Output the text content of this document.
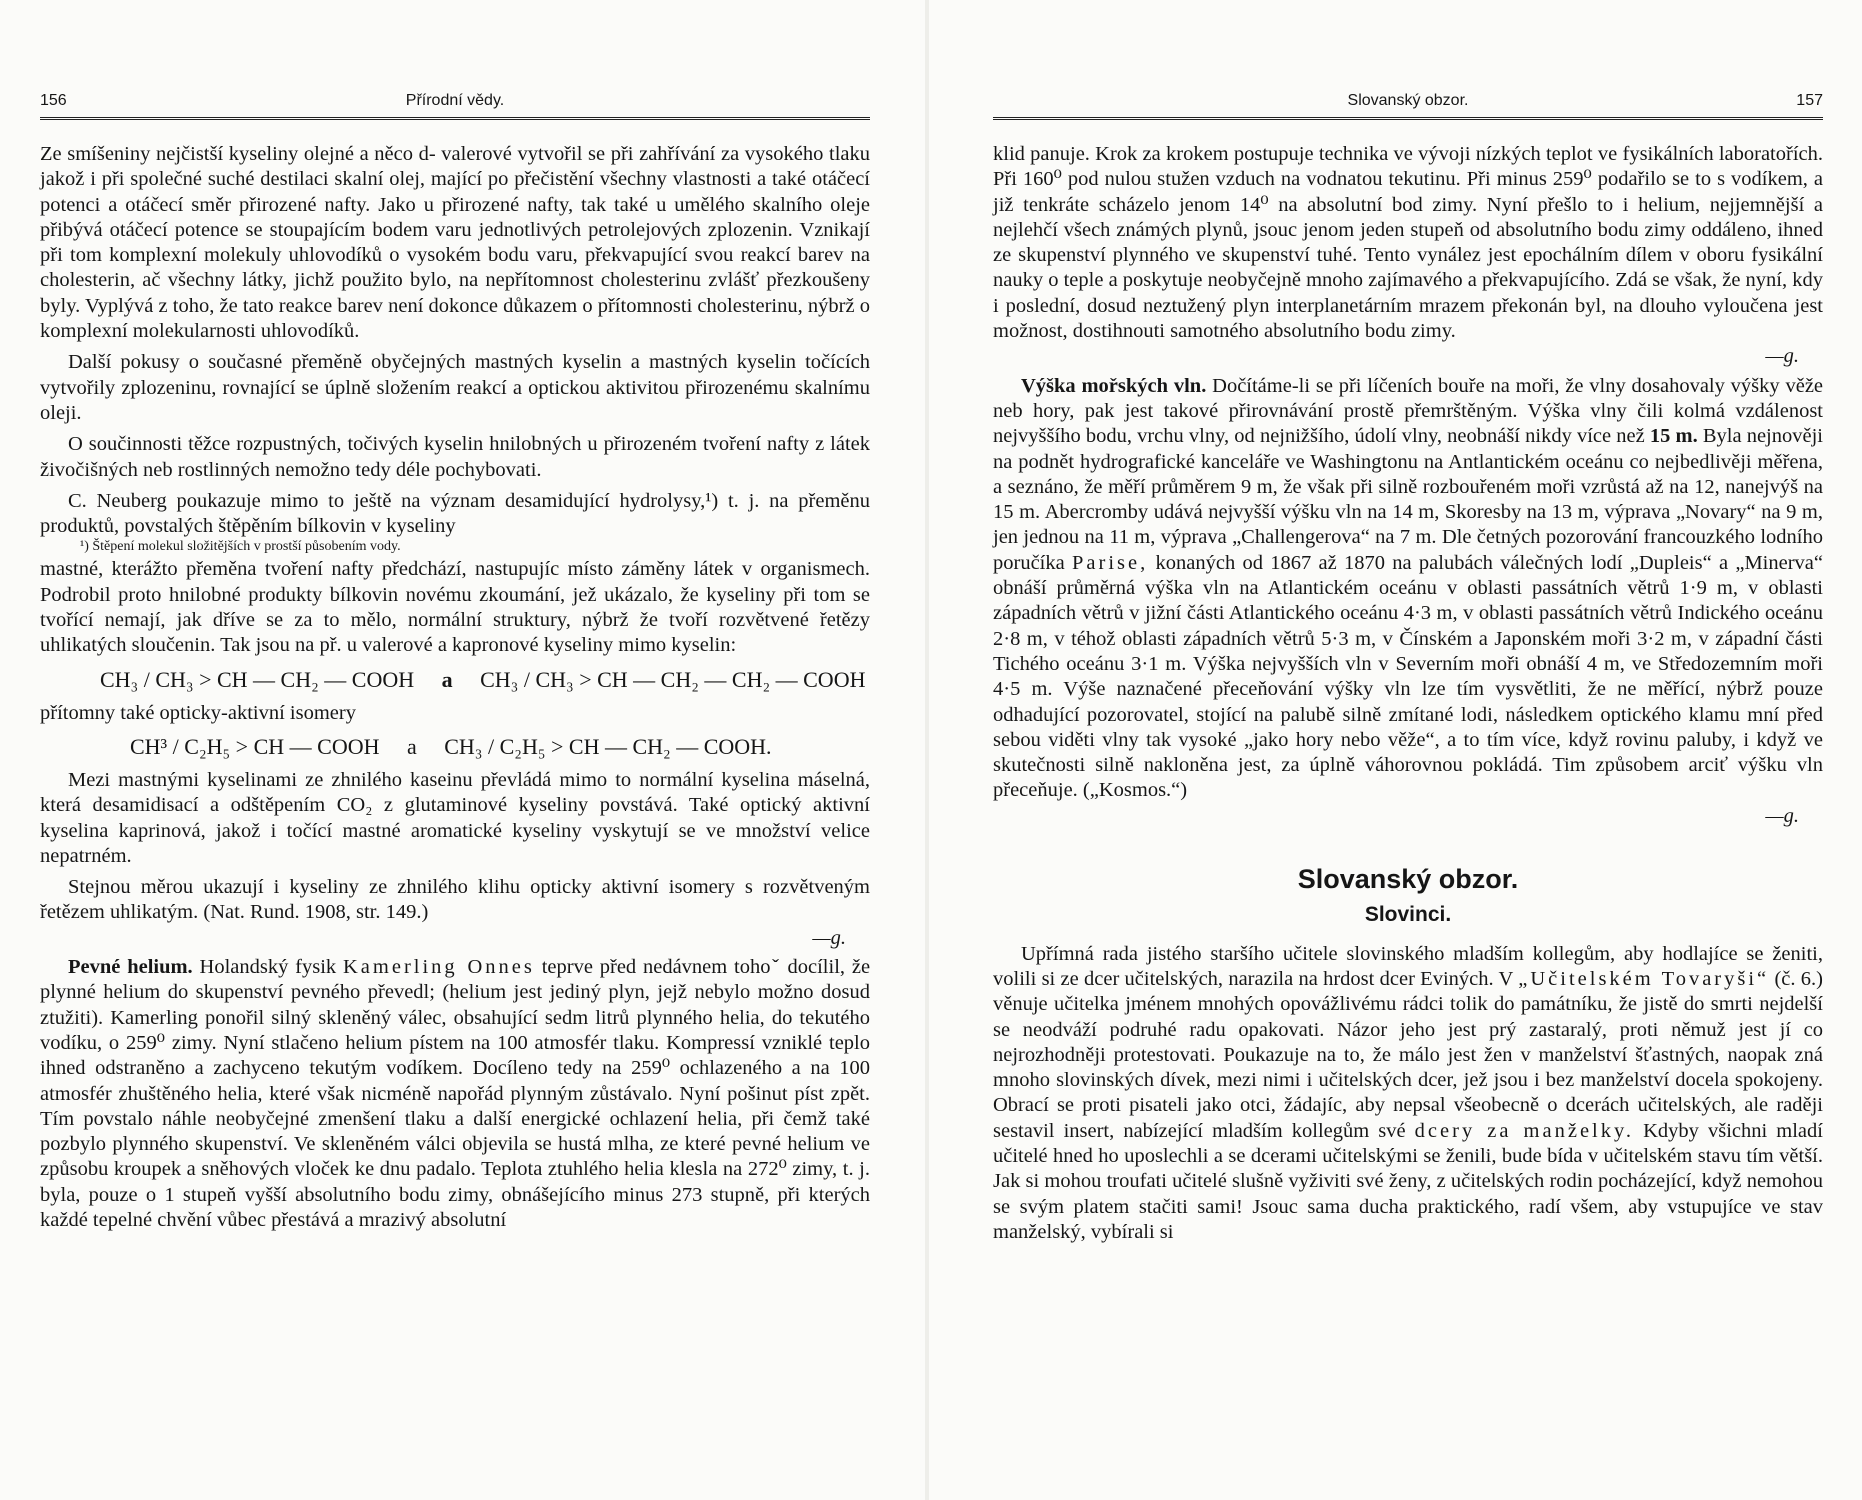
156	Přírodní vědy.

Ze smíšeniny nejčistší kyseliny olejné a něco d- valerové vytvořil se při zahřívání za vysokého tlaku jakož i při společné suché destilaci skalní olej, mající po přečistění všechny vlastnosti a také otáčecí potenci a otáčecí směr přirozené nafty. Jako u přirozené nafty, tak také u umělého skalního oleje přibývá otáčecí potence se stoupajícím bodem varu jednotlivých petrolejových zplozenin. Vznikají při tom komplexní molekuly uhlovodíků o vysokém bodu varu, překvapující svou reakcí barev na cholesterin, ač všechny látky, jichž použito bylo, na nepřítomnost cholesterinu zvlášť přezkoušeny byly. Vyplývá z toho, že tato reakce barev není dokonce důkazem o přítomnosti cholesterinu, nýbrž o komplexní molekularnosti uhlovodíků.

Další pokusy o současné přeměně obyčejných mastných kyselin a mastných kyselin točících vytvořily zplozeninu, rovnající se úplně složením reakcí a optickou aktivitou přirozenému skalnímu oleji.

O součinnosti těžce rozpustných, točivých kyselin hnilobných u přirozeném tvoření nafty z látek živočišných neb rostlinných nemožno tedy déle pochybovati.

C. Neuberg poukazuje mimo to ještě na význam desamidující hydrolysy,¹) t. j. na přeměnu produktů, povstalých štěpěním bílkovin v kyseliny

¹) Štěpení molekul složitějších v prostší působením vody.

mastné, kterážto přeměna tvoření nafty předchází, nastupujíc místo záměny látek v organismech. Podrobil proto hnilobné produkty bílkovin novému zkoumání, jež ukázalo, že kyseliny při tom se tvořící nemají, jak dříve se za to mělo, normální struktury, nýbrž že tvoří rozvětvené řetězy uhlikatých sloučenin. Tak jsou na př. u valerové a kapronové kyseliny mimo kyselin:

CH₃ / CH₃ > CH — CH₂ — COOH a CH₃ / CH₃ > CH — CH₂ — CH₂ — COOH

přítomny také opticky-aktivní isomery

CH³ / C₂H₅ > CH — COOH a CH₃ / C₂H₅ > CH — CH₂ — COOH.

Mezi mastnými kyselinami ze zhnilého kaseinu převládá mimo to normální kyselina máselná, která desamidisací a odštěpením CO₂ z glutaminové kyseliny povstává. Také optický aktivní kyselina kaprinová, jakož i točící mastné aromatické kyseliny vyskytují se ve množství velice nepatrném.

Stejnou měrou ukazují i kyseliny ze zhnilého klihu opticky aktivní isomery s rozvětveným řetězem uhlikatým. (Nat. Rund. 1908, str. 149.)

—g.

Pevné helium. Holandský fysik Kamerling Onnes teprve před nedávnem tohoˇ docílil, že plynné helium do skupenství pevného převedl; (helium jest jediný plyn, jejž nebylo možno dosud ztužiti). Kamerling ponořil silný skleněný válec, obsahující sedm litrů plynného helia, do tekutého vodíku, o 259⁰ zimy. Nyní stlačeno helium pístem na 100 atmosfér tlaku. Kompressí vzniklé teplo ihned odstraněno a zachyceno tekutým vodíkem. Docíleno tedy na 259⁰ ochlazeného a na 100 atmosfér zhuštěného helia, které však nicméně napořád plynným zůstávalo. Nyní pošinut píst zpět. Tím povstalo náhle neobyčejné zmenšení tlaku a další energické ochlazení helia, při čemž také pozbylo plynného skupenství. Ve skleněném válci objevila se hustá mlha, ze které pevné helium ve způsobu kroupek a sněhových vloček ke dnu padalo. Teplota ztuhlého helia klesla na 272⁰ zimy, t. j. byla, pouze o 1 stupeň vyšší absolutního bodu zimy, obnášejícího minus 273 stupně, při kterých každé tepelné chvění vůbec přestává a mrazivý absolutní

Slovanský obzor.	157

klid panuje. Krok za krokem postupuje technika ve vývoji nízkých teplot ve fysikálních laboratořích. Při 160⁰ pod nulou stužen vzduch na vodnatou tekutinu. Při minus 259⁰ podařilo se to s vodíkem, a již tenkráte scházelo jenom 14⁰ na absolutní bod zimy. Nyní přešlo to i helium, nejjemnější a nejlehčí všech známých plynů, jsouc jenom jeden stupeň od absolutního bodu zimy oddáleno, ihned ze skupenství plynného ve skupenství tuhé. Tento vynález jest epochálním dílem v oboru fysikální nauky o teple a poskytuje neobyčejně mnoho zajímavého a překvapujícího. Zdá se však, že nyní, kdy i poslední, dosud neztužený plyn interplanetárním mrazem překonán byl, na dlouho vyloučena jest možnost, dostihnouti samotného absolutního bodu zimy.

—g.

Výška mořských vln. Dočítáme-li se při líčeních bouře na moři, že vlny dosahovaly výšky věže neb hory, pak jest takové přirovnávání prostě přemrštěným. Výška vlny čili kolmá vzdálenost nejvyššího bodu, vrchu vlny, od nejnižšího, údolí vlny, neobnáší nikdy více než 15 m. Byla nejnověji na podnět hydrografické kanceláře ve Washingtonu na Antlantickém oceánu co nejbedlivěji měřena, a seznáno, že měří průměrem 9 m, že však při silně rozbouřeném moři vzrůstá až na 12, nanejvýš na 15 m. Abercromby udává nejvyšší výšku vln na 14 m, Skoresby na 13 m, výprava „Novary“ na 9 m, jen jednou na 11 m, výprava „Challengerova“ na 7 m. Dle četných pozorování francouzkého lodního poručíka Parise, konaných od 1867 až 1870 na palubách válečných lodí „Dupleis“ a „Minerva“ obnáší průměrná výška vln na Atlantickém oceánu v oblasti passátních větrů 1·9 m, v oblasti západních větrů v jižní části Atlantického oceánu 4·3 m, v oblasti passátních větrů Indického oceánu 2·8 m, v téhož oblasti západních větrů 5·3 m, v Čínském a Japonském moři 3·2 m, v západní části Tichého oceánu 3·1 m. Výška nejvyšších vln v Severním moři obnáší 4 m, ve Středozemním moři 4·5 m. Výše naznačené přeceňování výšky vln lze tím vysvětliti, že ne měřící, nýbrž pouze odhadující pozorovatel, stojící na palubě silně zmítané lodi, následkem optického klamu mní před sebou viděti vlny tak vysoké „jako hory nebo věže“, a to tím více, když rovinu paluby, i když ve skutečnosti silně nakloněna jest, za úplně váhorovnou pokládá. Tim způsobem arciť výšku vln přeceňuje. („Kosmos.“)

—g.
Slovanský obzor.
Slovinci.

Upřímná rada jistého staršího učitele slovinského mladším kollegům, aby hodlajíce se ženiti, volili si ze dcer učitelských, narazila na hrdost dcer Eviných. V „Učitelském Tovaryši“ (č. 6.) věnuje učitelka jménem mnohých opovážlivému rádci tolik do památníku, že jistě do smrti nejdelší se neodváží podruhé radu opakovati. Názor jeho jest prý zastaralý, proti němuž jest jí co nejrozhodněji protestovati. Poukazuje na to, že málo jest žen v manželství šťastných, naopak zná mnoho slovinských dívek, mezi nimi i učitelských dcer, jež jsou i bez manželství docela spokojeny. Obrací se proti pisateli jako otci, žádajíc, aby nepsal všeobecně o dcerách učitelských, ale raději sestavil insert, nabízející mladším kollegům své dcery za manželky. Kdyby všichni mladí učitelé hned ho uposlechli a se dcerami učitelskými se ženili, bude bída v učitelském stavu tím větší. Jak si mohou troufati učitelé slušně vyživiti své ženy, z učitelských rodin pocházející, když nemohou se svým platem stačiti sami! Jsouc sama ducha praktického, radí všem, aby vstupujíce ve stav manželský, vybírali si
